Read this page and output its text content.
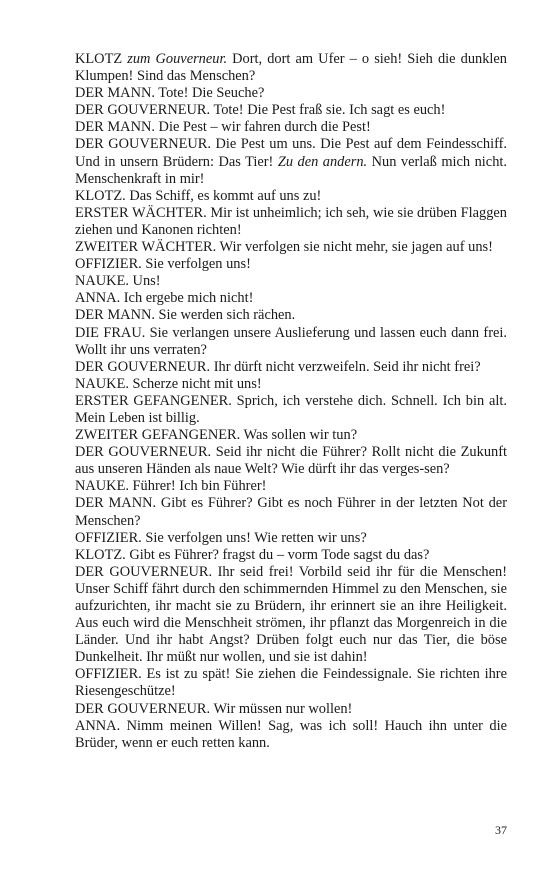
KLOTZ zum Gouverneur. Dort, dort am Ufer – o sieh! Sieh die dunklen Klumpen! Sind das Menschen?

DER MANN. Tote! Die Seuche?

DER GOUVERNEUR. Tote! Die Pest fraß sie. Ich sagt es euch!

DER MANN. Die Pest – wir fahren durch die Pest!

DER GOUVERNEUR. Die Pest um uns. Die Pest auf dem Feindesschiff. Und in unsern Brüdern: Das Tier! Zu den andern. Nun verlaß mich nicht. Menschenkraft in mir!

KLOTZ. Das Schiff, es kommt auf uns zu!

ERSTER WÄCHTER. Mir ist unheimlich; ich seh, wie sie drüben Flaggen ziehen und Kanonen richten!

ZWEITER WÄCHTER. Wir verfolgen sie nicht mehr, sie jagen auf uns!

OFFIZIER. Sie verfolgen uns!

NAUKE. Uns!

ANNA. Ich ergebe mich nicht!

DER MANN. Sie werden sich rächen.

DIE FRAU. Sie verlangen unsere Auslieferung und lassen euch dann frei. Wollt ihr uns verraten?

DER GOUVERNEUR. Ihr dürft nicht verzweifeln. Seid ihr nicht frei?

NAUKE. Scherze nicht mit uns!

ERSTER GEFANGENER. Sprich, ich verstehe dich. Schnell. Ich bin alt. Mein Leben ist billig.

ZWEITER GEFANGENER. Was sollen wir tun?

DER GOUVERNEUR. Seid ihr nicht die Führer? Rollt nicht die Zukunft aus unseren Händen als naue Welt? Wie dürft ihr das verges-sen?

NAUKE. Führer! Ich bin Führer!

DER MANN. Gibt es Führer? Gibt es noch Führer in der letzten Not der Menschen?

OFFIZIER. Sie verfolgen uns! Wie retten wir uns?

KLOTZ. Gibt es Führer? fragst du – vorm Tode sagst du das?

DER GOUVERNEUR. Ihr seid frei! Vorbild seid ihr für die Menschen! Unser Schiff fährt durch den schimmernden Himmel zu den Menschen, sie aufzurichten, ihr macht sie zu Brüdern, ihr erinnert sie an ihre Heiligkeit. Aus euch wird die Menschheit strömen, ihr pflanzt das Morgenreich in die Länder. Und ihr habt Angst? Drüben folgt euch nur das Tier, die böse Dunkelheit. Ihr müßt nur wollen, und sie ist dahin!

OFFIZIER. Es ist zu spät! Sie ziehen die Feindessignale. Sie richten ihre Riesengeschütze!

DER GOUVERNEUR. Wir müssen nur wollen!

ANNA. Nimm meinen Willen! Sag, was ich soll! Hauch ihn unter die Brüder, wenn er euch retten kann.

37
